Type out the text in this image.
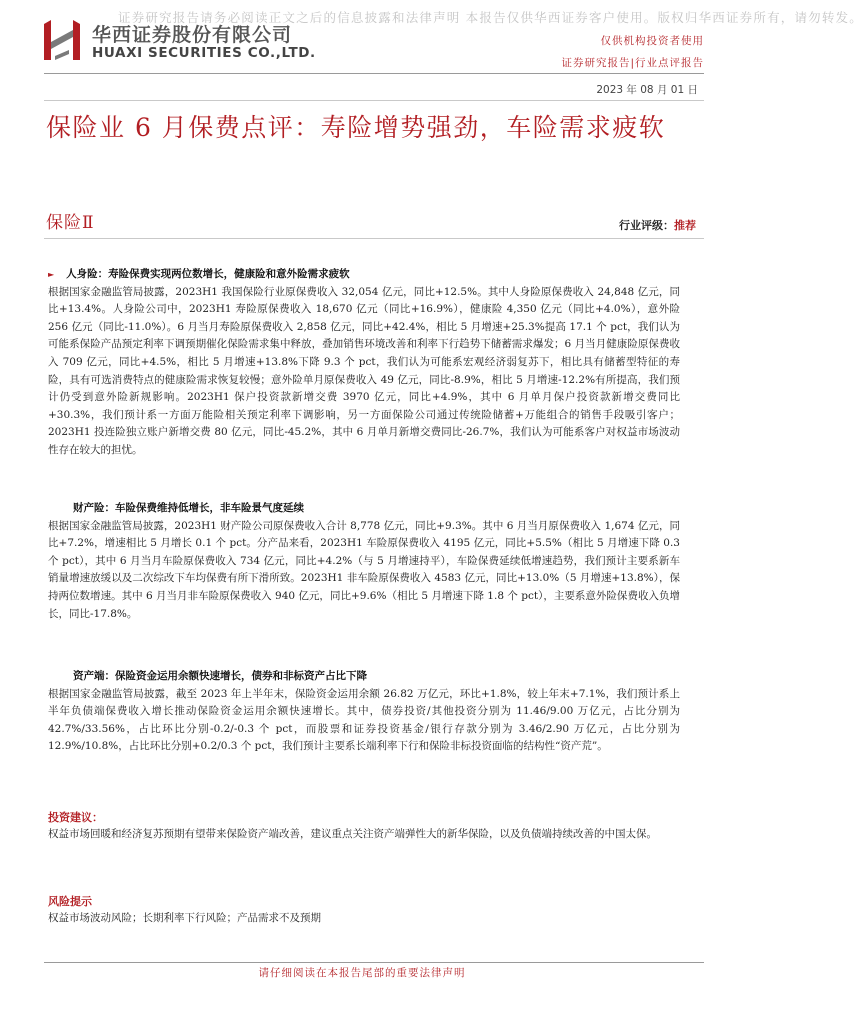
证券研究报告请务必阅读正文之后的信息披露和法律声明 本报告仅供华西证券客户使用。版权归华西证券所有，请勿转发。
华西证券股份有限公司
HUAXI SECURITIES CO.,LTD.
仅供机构投资者使用
证券研究报告|行业点评报告
2023 年 08 月 01 日
保险业 6 月保费点评：寿险增势强劲，车险需求疲软
保险Ⅱ	行业评级：推荐
► 人身险：寿险保费实现两位数增长，健康险和意外险需求疲软

根据国家金融监管局披露，2023H1 我国保险行业原保费收入 32,054 亿元，同比+12.5%。其中人身险原保费收入 24,848 亿元，同比+13.4%。人身险公司中，2023H1 寿险原保费收入 18,670 亿元（同比+16.9%），健康险 4,350 亿元（同比+4.0%），意外险 256 亿元（同比-11.0%）。6 月当月寿险原保费收入 2,858 亿元，同比+42.4%，相比 5 月增速+25.3%提高 17.1 个 pct，我们认为可能系保险产品预定利率下调预期催化保险需求集中释放，叠加销售环境改善和利率下行趋势下储蓄需求爆发；6 月当月健康险原保费收入 709 亿元，同比+4.5%，相比 5 月增速+13.8%下降 9.3 个 pct，我们认为可能系宏观经济弱复苏下，相比具有储蓄型特征的寿险，具有可选消费特点的健康险需求恢复较慢；意外险单月原保费收入 49 亿元，同比-8.9%，相比 5 月增速-12.2%有所提高，我们预计仍受到意外险新规影响。2023H1 保户投资款新增交费 3970 亿元，同比+4.9%，其中 6 月单月保户投资款新增交费同比+30.3%，我们预计系一方面万能险相关预定利率下调影响，另一方面保险公司通过传统险储蓄+万能组合的销售手段吸引客户；2023H1 投连险独立账户新增交费 80 亿元，同比-45.2%，其中 6 月单月新增交费同比-26.7%，我们认为可能系客户对权益市场波动性存在较大的担忧。

财产险：车险保费维持低增长，非车险景气度延续

根据国家金融监管局披露，2023H1 财产险公司原保费收入合计 8,778 亿元，同比+9.3%。其中 6 月当月原保费收入 1,674 亿元，同比+7.2%，增速相比 5 月增长 0.1 个 pct。分产品来看，2023H1 车险原保费收入 4195 亿元，同比+5.5%（相比 5 月增速下降 0.3 个 pct），其中 6 月当月车险原保费收入 734 亿元，同比+4.2%（与 5 月增速持平），车险保费延续低增速趋势，我们预计主要系新车销量增速放缓以及二次综改下车均保费有所下滑所致。2023H1 非车险原保费收入 4583 亿元，同比+13.0%（5 月增速+13.8%），保持两位数增速。其中 6 月当月非车险原保费收入 940 亿元，同比+9.6%（相比 5 月增速下降 1.8 个 pct），主要系意外险保费收入负增长，同比-17.8%。

资产端：保险资金运用余额快速增长，债券和非标资产占比下降

根据国家金融监管局披露，截至 2023 年上半年末，保险资金运用余额 26.82 万亿元，环比+1.8%，较上年末+7.1%，我们预计系上半年负债端保费收入增长推动保险资金运用余额快速增长。其中，债券投资/其他投资分别为 11.46/9.00 万亿元，占比分别为 42.7%/33.56%，占比环比分别-0.2/-0.3 个 pct，而股票和证券投资基金/银行存款分别为 3.46/2.90 万亿元，占比分别为 12.9%/10.8%，占比环比分别+0.2/0.3 个 pct，我们预计主要系长端利率下行和保险非标投资面临的结构性“资产荒”。

投资建议：

权益市场回暖和经济复苏预期有望带来保险资产端改善，建议重点关注资产端弹性大的新华保险，以及负债端持续改善的中国太保。

风险提示

权益市场波动风险；长期利率下行风险；产品需求不及预期

请仔细阅读在本报告尾部的重要法律声明
